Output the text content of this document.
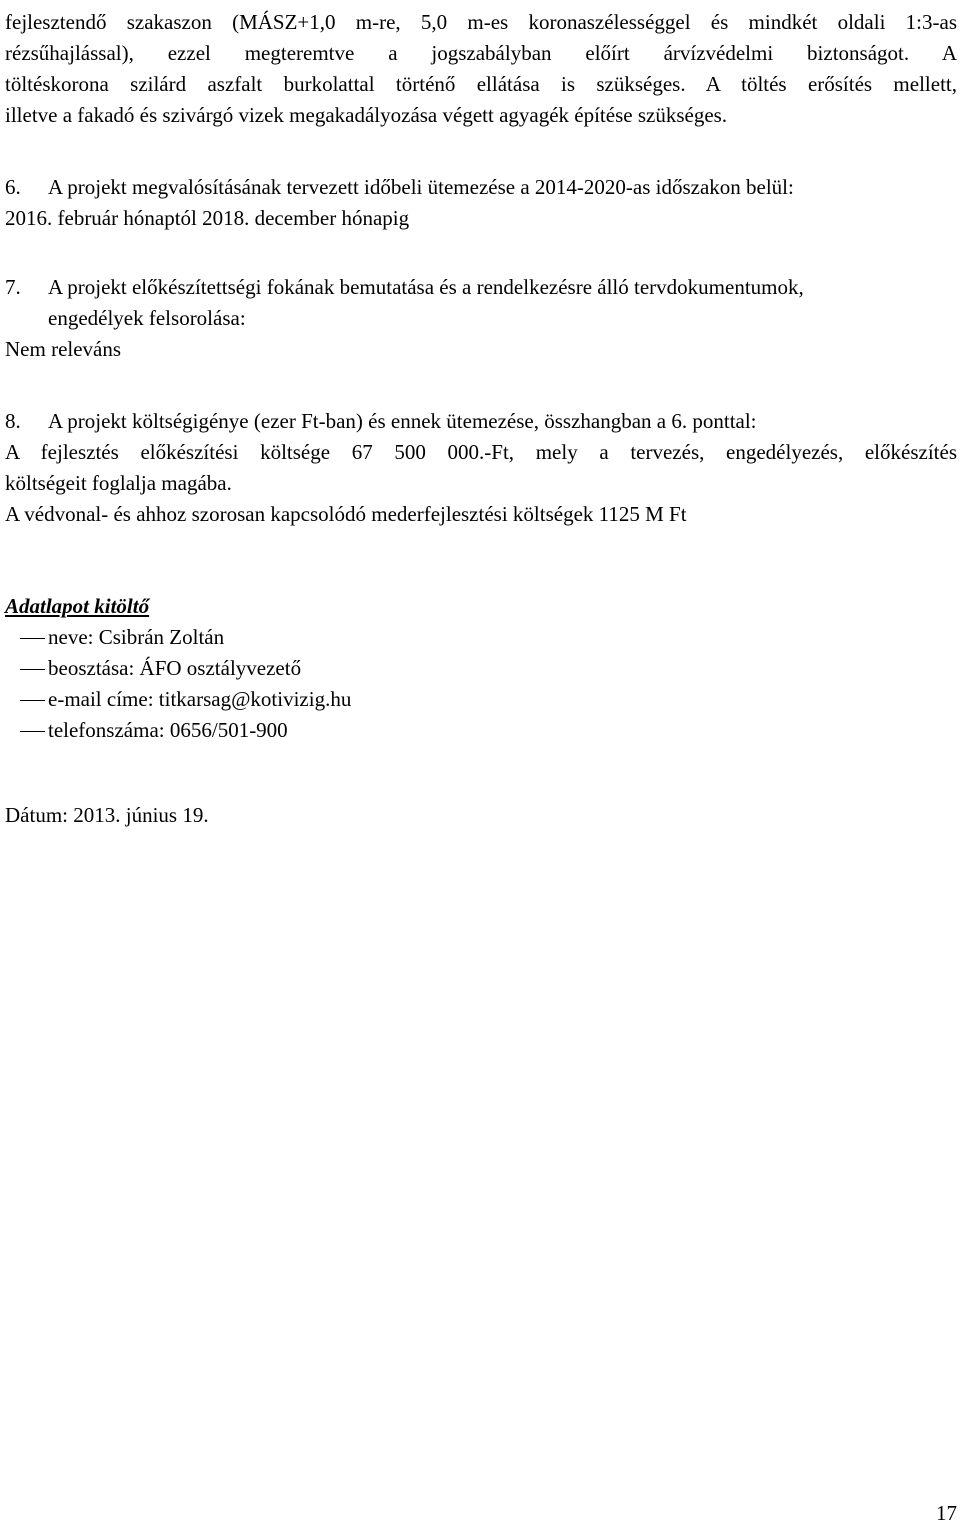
fejlesztendő szakaszon (MÁSZ+1,0 m-re, 5,0 m-es koronaszélességgel és mindkét oldali 1:3-as
rézsűhajlással), ezzel megteremtve a jogszabályban előírt árvízvédelmi biztonságot. A
töltéskorona szilárd aszfalt burkolattal történő ellátása is szükséges. A töltés erősítés mellett,
illetve a fakadó és szivárgó vizek megakadályozása végett agyagék építése szükséges.
6.	A projekt megvalósításának tervezett időbeli ütemezése a 2014-2020-as időszakon belül:

2016. február hónaptól 2018. december hónapig

7.	A projekt előkészítettségi fokának bemutatása és a rendelkezésre álló tervdokumentumok,
engedélyek felsorolása:

Nem releváns

8.	A projekt költségigénye (ezer Ft-ban) és ennek ütemezése, összhangban a 6. ponttal:
A fejlesztés előkészítési költsége 67 500 000.-Ft, mely a tervezés, engedélyezés, előkészítés
költségeit foglalja magába.
A védvonal- és ahhoz szorosan kapcsolódó mederfejlesztési költségek 1125 M Ft

Adatlapot kitöltő

neve: Csibrán Zoltán
beosztása: ÁFO osztályvezető
e-mail címe: titkarsag@kotivizig.hu
telefonszáma: 0656/501-900

Dátum: 2013. június 19.

17
